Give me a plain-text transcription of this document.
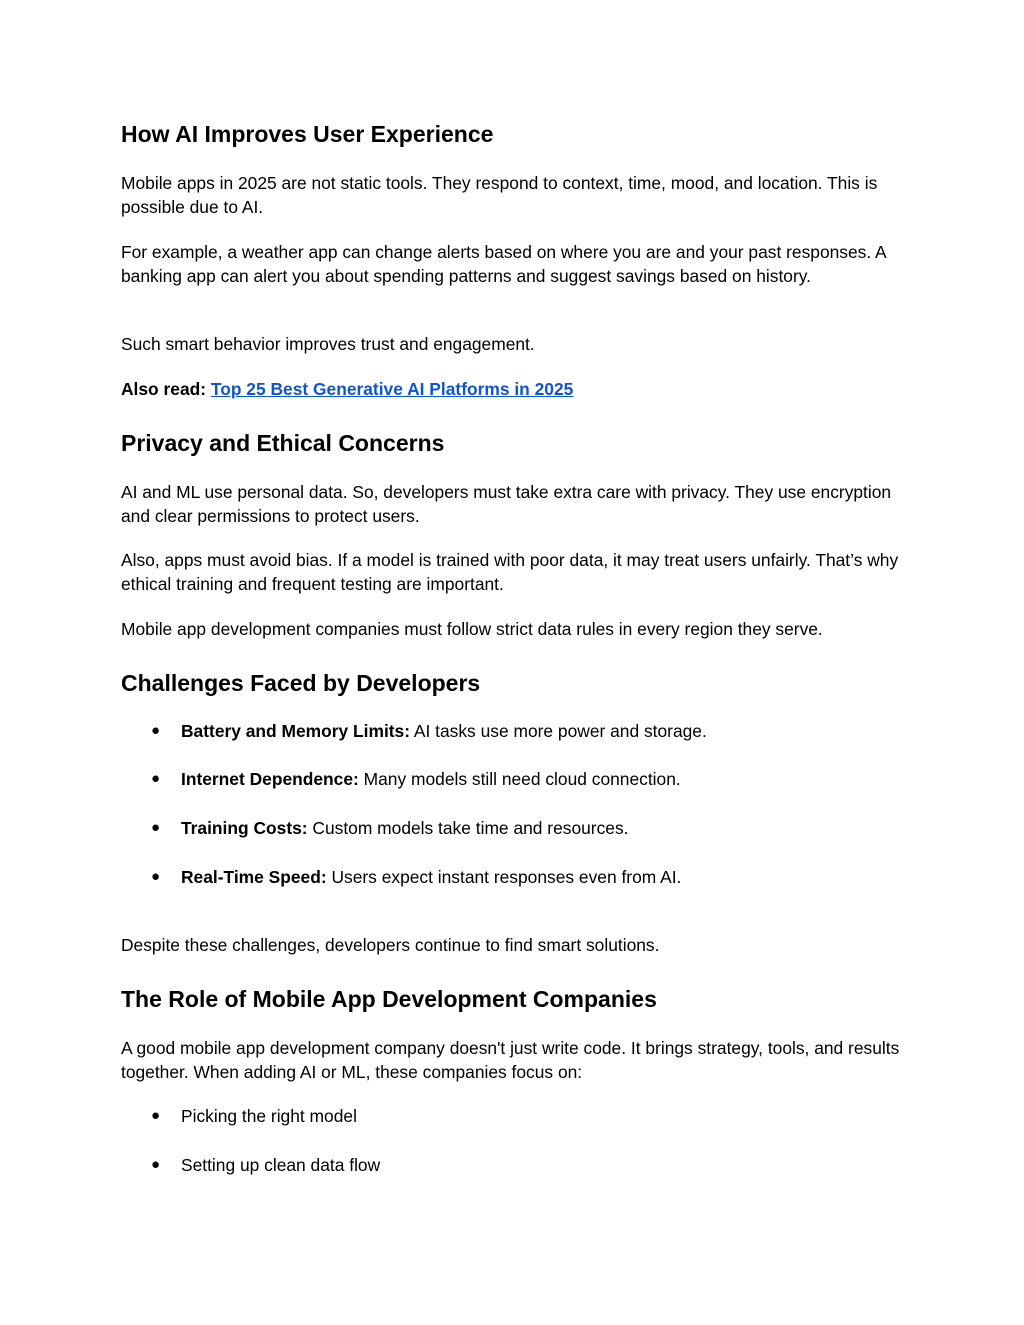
How AI Improves User Experience

Mobile apps in 2025 are not static tools. They respond to context, time, mood, and location. This is possible due to AI.

For example, a weather app can change alerts based on where you are and your past responses. A banking app can alert you about spending patterns and suggest savings based on history.

Such smart behavior improves trust and engagement.

Also read: Top 25 Best Generative AI Platforms in 2025

Privacy and Ethical Concerns

AI and ML use personal data. So, developers must take extra care with privacy. They use encryption and clear permissions to protect users.

Also, apps must avoid bias. If a model is trained with poor data, it may treat users unfairly. That’s why ethical training and frequent testing are important.

Mobile app development companies must follow strict data rules in every region they serve.

Challenges Faced by Developers
● Battery and Memory Limits: AI tasks use more power and storage.
● Internet Dependence: Many models still need cloud connection.
● Training Costs: Custom models take time and resources.
● Real-Time Speed: Users expect instant responses even from AI.

Despite these challenges, developers continue to find smart solutions.

The Role of Mobile App Development Companies

A good mobile app development company doesn't just write code. It brings strategy, tools, and results together. When adding AI or ML, these companies focus on:

● Picking the right model
● Setting up clean data flow
